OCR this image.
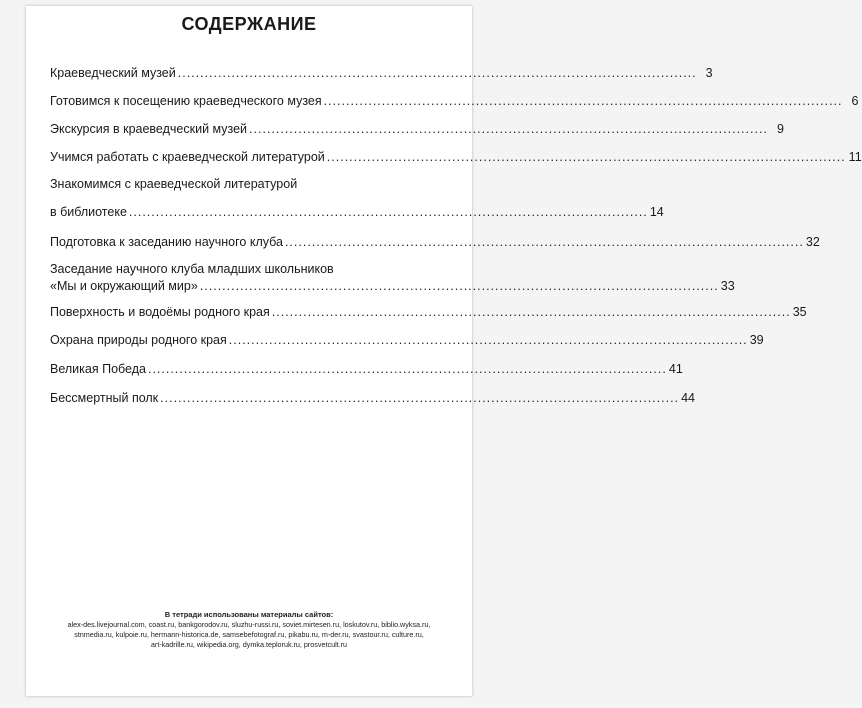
СОДЕРЖАНИЕ
Краеведческий музей .................................................................................................................... 3
Готовимся к посещению краеведческого музея .................................................................................................................... 6
Экскурсия в краеведческий музей .................................................................................................................... 9
Учимся работать с краеведческой литературой .................................................................................................................... 11
Знакомимся с краеведческой литературой
в библиотеке .................................................................................................................... 14
Подготовка к заседанию научного клуба .................................................................................................................... 32
Заседание научного клуба младших школьников
«Мы и окружающий мир» .................................................................................................................... 33
Поверхность и водоёмы родного края .................................................................................................................... 35
Охрана природы родного края .................................................................................................................... 39
Великая Победа .................................................................................................................... 41
Бессмертный полк .................................................................................................................... 44
В тетради использованы материалы сайтов:
alex-des.livejournal.com, coast.ru, bankgorodov.ru, sluzhu-russi.ru, soviet.mirtesen.ru, loskutov.ru, biblio.wyksa.ru,
stnmedia.ru, kulpoie.ru, hermann-historica.de, samsebefotograf.ru, pikabu.ru, m-der.ru, svastour.ru, culture.ru,
art-kadrille.ru, wikipedia.org, dymka.teploruk.ru, prosvetcult.ru
